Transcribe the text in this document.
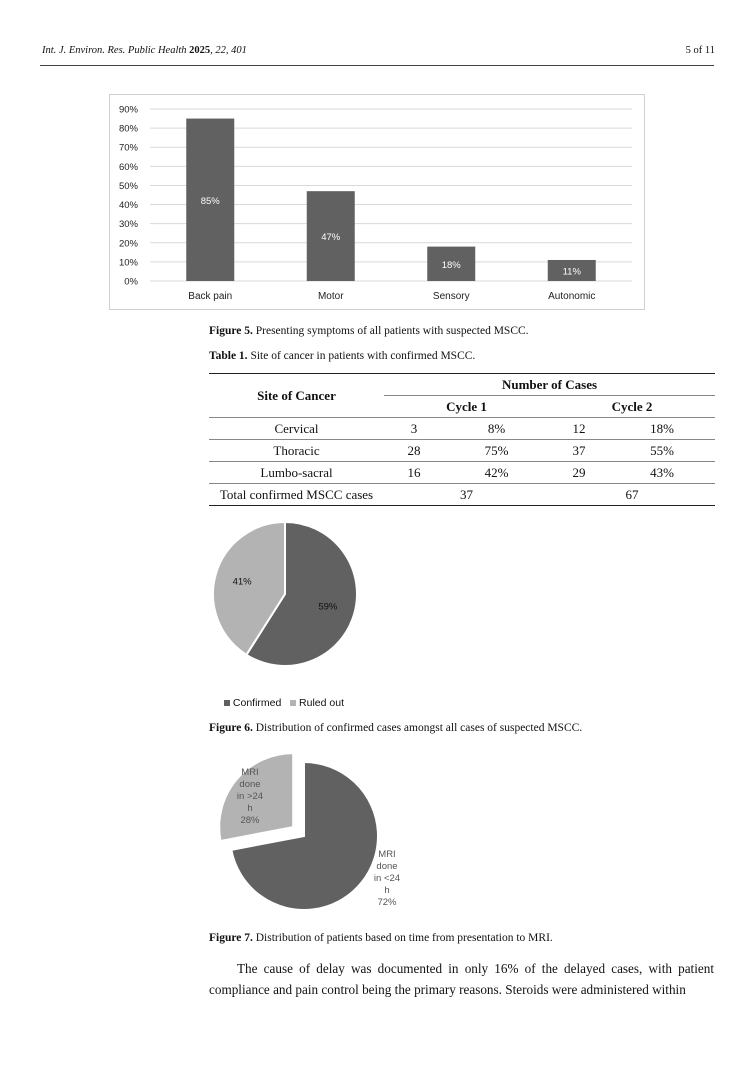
Int. J. Environ. Res. Public Health 2025, 22, 401	5 of 11
0%
10%
20%
30%
40%
50%
60%
70%
80%
90%
85%
Back pain
47%
Motor
18%
Sensory
11%
Autonomic
Figure 5. Presenting symptoms of all patients with suspected MSCC.
Table 1. Site of cancer in patients with confirmed MSCC.
Site of Cancer	Number of Cases			
	Cycle 1		Cycle 2	
Cervical	3	8%	12	18%
Thoracic	28	75%	37	55%
Lumbo-sacral	16	42%	29	43%
Total confirmed MSCC cases	37		67	
59%
41%
Confirmed Ruled out
Figure 6. Distribution of confirmed cases amongst all cases of suspected MSCC.
MRI done in <24 h 72%
MRI done in >24 h 28%
Figure 7. Distribution of patients based on time from presentation to MRI.

The cause of delay was documented in only 16% of the delayed cases, with patient compliance and pain control being the primary reasons. Steroids were administered within
